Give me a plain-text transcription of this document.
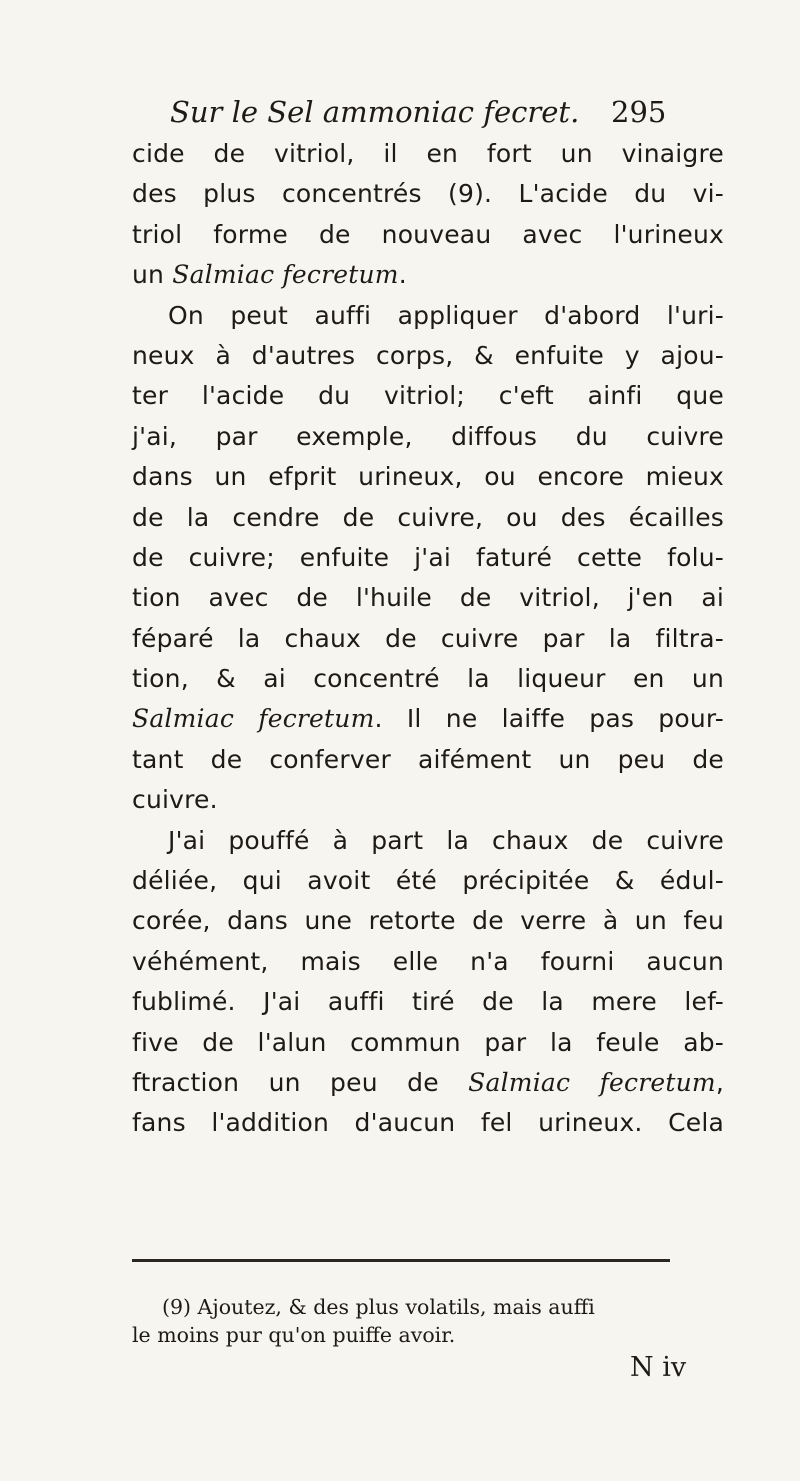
Sur le Sel ammoniac fecret. 295
cide de vitriol, il en fort un vinaigre
des plus concentrés (9). L'acide du vi-
triol forme de nouveau avec l'urineux
un Salmiac fecretum.
On peut auffi appliquer d'abord l'uri-
neux à d'autres corps, & enfuite y ajou-
ter l'acide du vitriol; c'eft ainfi que
j'ai, par exemple, diffous du cuivre
dans un efprit urineux, ou encore mieux
de la cendre de cuivre, ou des écailles
de cuivre; enfuite j'ai faturé cette folu-
tion avec de l'huile de vitriol, j'en ai
féparé la chaux de cuivre par la filtra-
tion, & ai concentré la liqueur en un
Salmiac fecretum. Il ne laiffe pas pour-
tant de conferver aifément un peu de
cuivre.
J'ai pouffé à part la chaux de cuivre
déliée, qui avoit été précipitée & édul-
corée, dans une retorte de verre à un feu
véhément, mais elle n'a fourni aucun
fublimé. J'ai auffi tiré de la mere lef-
five de l'alun commun par la feule ab-
ftraction un peu de Salmiac fecretum,
fans l'addition d'aucun fel urineux. Cela
(9) Ajoutez, & des plus volatils, mais auffi
le moins pur qu'on puiffe avoir.
N iv
